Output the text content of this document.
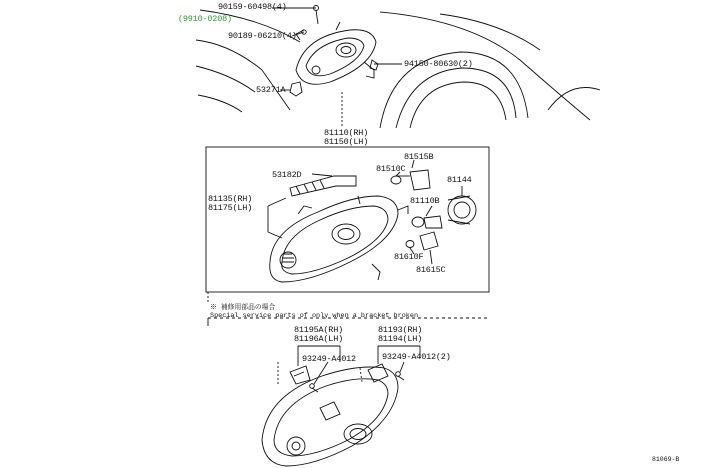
90159-60498(4)
(9910-0208)
90189-06210(4)
94150-80630(2)
53271A
81110(RH)
81150(LH)
81515B
53182D
81510C
81144
81135(RH)
81175(LH)
81110B
81610F
81615C
※ 補修用部品の場合
Special service parts of only when a bracket broken
81195A(RH)
81196A(LH)
81193(RH)
81194(LH)
93249-A4012	93249-A4012(2)
81069-B
